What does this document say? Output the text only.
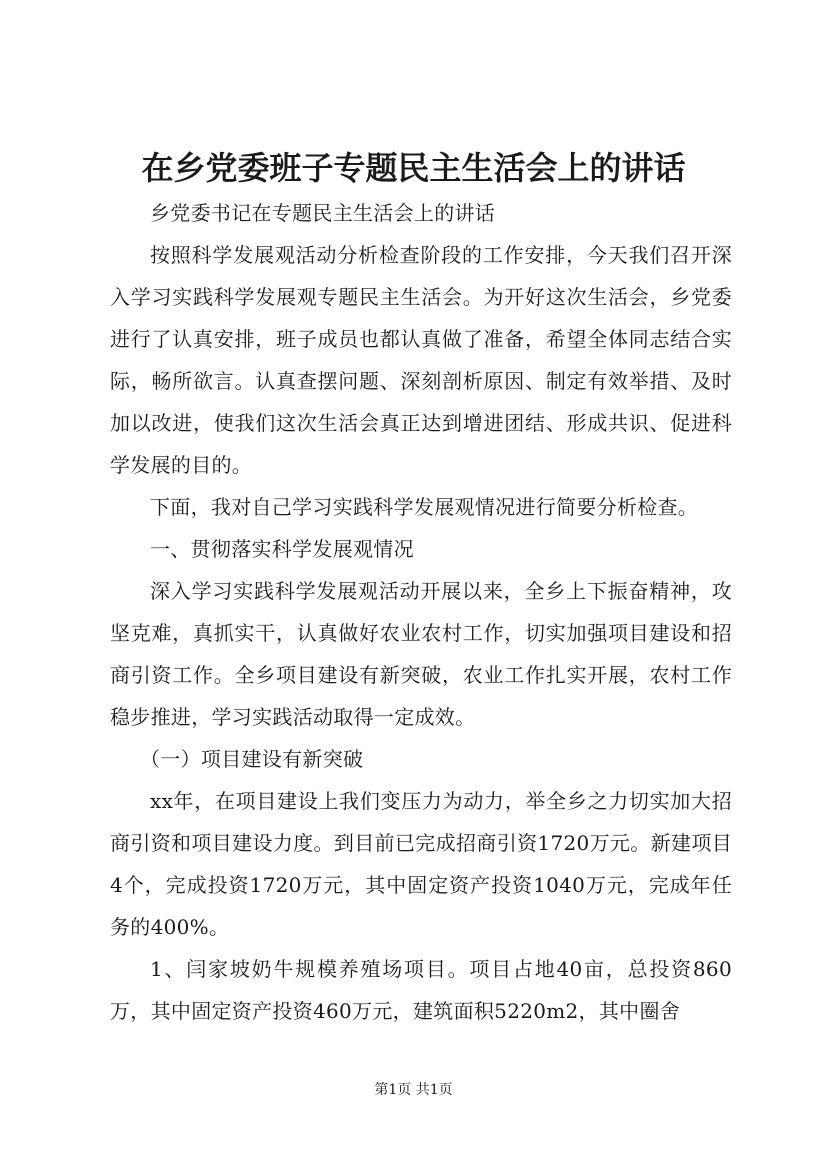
在乡党委班子专题民主生活会上的讲话

乡党委书记在专题民主生活会上的讲话

按照科学发展观活动分析检查阶段的工作安排，今天我们召开深入学习实践科学发展观专题民主生活会。为开好这次生活会，乡党委进行了认真安排，班子成员也都认真做了准备，希望全体同志结合实际，畅所欲言。认真查摆问题、深刻剖析原因、制定有效举措、及时加以改进，使我们这次生活会真正达到增进团结、形成共识、促进科学发展的目的。

下面，我对自己学习实践科学发展观情况进行简要分析检查。

一、贯彻落实科学发展观情况

深入学习实践科学发展观活动开展以来，全乡上下振奋精神，攻坚克难，真抓实干，认真做好农业农村工作，切实加强项目建设和招商引资工作。全乡项目建设有新突破，农业工作扎实开展，农村工作稳步推进，学习实践活动取得一定成效。

（一）项目建设有新突破

xx年，在项目建设上我们变压力为动力，举全乡之力切实加大招商引资和项目建设力度。到目前已完成招商引资1720万元。新建项目4个，完成投资1720万元，其中固定资产投资1040万元，完成年任务的400%。

1、闫家坡奶牛规模养殖场项目。项目占地40亩，总投资860万，其中固定资产投资460万元，建筑面积5220m2，其中圈舍

第1页 共1页
